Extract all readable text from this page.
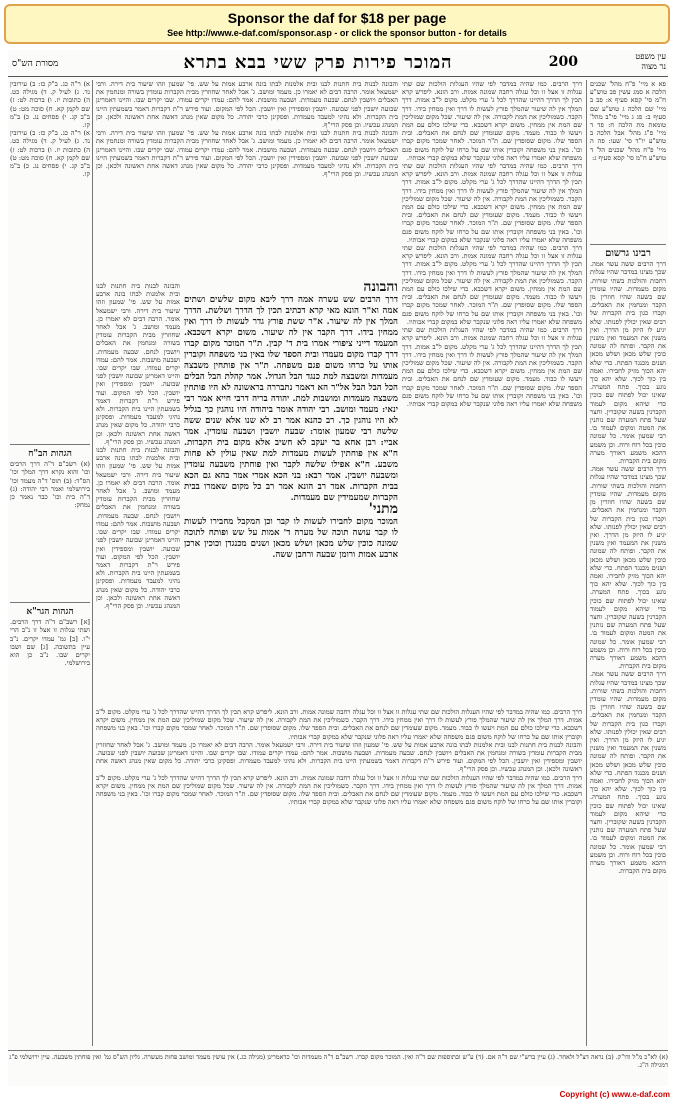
Sponsor the daf for $18 per page
See http://www.e-daf.com/sponsor.asp - or click the sponsor button - for details
200
המוכר פירות פרק ששי בבא בתרא
מסורת הש"ס
עין משפט
נר מצוה

פא א מיי' פ"ח מהל' שכנים הלכה א סמג עשין פב טוש"ע ח"מ סי' קסא סעיף א: פב ב מיי' שם הלכה ג טוש"ע שם סעיף ב: פג ג מיי' פי"ב מהל' טומאת מת הלכה ח: פד ד מיי' פ"ג מהל' אבל הלכה ב טוש"ע יו"ד סי' שעו: פה ה מיי' פ"ח מהל' שכנים הל' ד טוש"ע ח"מ סי' קסא סעיף ג:

רבינו גרשום

דרך הרבים ששה עשר אמה. שכך מצינו במדבר שהיו עגלות רחבות והולכות בשתי שורות. מקום מעמדות. שהיו עומדין שם בשעה שהיו חוזרין מן הקבר ומנחמין את האבלים. וקברו כגון בית הקברות של רבים שאין יכולין לפנותו. שלא יגיע לו היזק מן הדרך. ואין משנין את המעמד ואין משנין את הקבר. ופותח לה שמונה כוכין שלש מכאן ושלש מכאן ושנים מכנגד הפתח. כדי שלא יהא הכוך מזיק לחבירו. ואמה בין כוך לכוך. שלא יהא כוך נוגע בכוך. פתח המערה. שאינו יכול לפתוח שם כוכין כדי שיהא מקום לעמוד הקברנין בשעה שקוברין. וחצר שעל פתח המערה שם נותנין את המטה ומקום לעמוד בו. רבי שמעון אומר. כל שמונה כוכין בכל רוח ורוח. וכן משמע דהכא משמע דאורך מערה מקום בית הקברות.

דרך הרבים ששה עשר אמה. שכך מצינו במדבר שהיו עגלות רחבות והולכות בשתי שורות. מקום מעמדות. שהיו עומדין שם בשעה שהיו חוזרין מן הקבר ומנחמין את האבלים. וקברו כגון בית הקברות של רבים שאין יכולין לפנותו. שלא יגיע לו היזק מן הדרך. ואין משנין את המעמד ואין משנין את הקבר. ופותח לה שמונה כוכין שלש מכאן ושלש מכאן ושנים מכנגד הפתח. כדי שלא יהא הכוך מזיק לחבירו. ואמה בין כוך לכוך. שלא יהא כוך נוגע בכוך. פתח המערה. שאינו יכול לפתוח שם כוכין כדי שיהא מקום לעמוד הקברנין בשעה שקוברין. וחצר שעל פתח המערה שם נותנין את המטה ומקום לעמוד בו. רבי שמעון אומר. כל שמונה כוכין בכל רוח ורוח. וכן משמע דהכא משמע דאורך מערה מקום בית הקברות.

דרך הרבים ששה עשר אמה. שכך מצינו במדבר שהיו עגלות רחבות והולכות בשתי שורות. מקום מעמדות. שהיו עומדין שם בשעה שהיו חוזרין מן הקבר ומנחמין את האבלים. וקברו כגון בית הקברות של רבים שאין יכולין לפנותו. שלא יגיע לו היזק מן הדרך. ואין משנין את המעמד ואין משנין את הקבר. ופותח לה שמונה כוכין שלש מכאן ושלש מכאן ושנים מכנגד הפתח. כדי שלא יהא הכוך מזיק לחבירו. ואמה בין כוך לכוך. שלא יהא כוך נוגע בכוך. פתח המערה. שאינו יכול לפתוח שם כוכין כדי שיהא מקום לעמוד הקברנין בשעה שקוברין. וחצר שעל פתח המערה שם נותנין את המטה ומקום לעמוד בו. רבי שמעון אומר. כל שמונה כוכין בכל רוח ורוח. וכן משמע דהכא משמע דאורך מערה מקום בית הקברות.

דרך הרבים. כמו שהיה במדבר לפי שהיו העגלות הולכות שם שתי עגלות זו אצל זו וכל עגלה רחבה שמונה אמות. ורב הונא. ליפרש קרא תכין לך הדרך דהיינו שהדרך לכל ג' ערי מקלט. מקום ל"ב אמות. דרך המלך אין לה שיעור שהמלך פורץ לעשות לו דרך ואין ממחין בידו. דרך הקבר. כשמוליכין את המת לקבורה. אין לה שיעור. שכל מקום שמוליכין שם המת אין ממחין. משום יקרא דשכבא. כדי שילכו כולם עם המת ויעשו לו כבוד. מעמד. מקום שעומדין שם לנחם את האבלים. ובית הספד שלו. מקום שסופדין שם. ת"ר המוכר. לאחר שמכר מקום קברו וכו'. באין בני משפחה וקוברין אותו שם על כרחו של לוקח משום פגם משפחה שלא יאמרו עליו ראה פלוני שנקבר שלא במקום קברי אבותיו.

דרך הרבים. כמו שהיה במדבר לפי שהיו העגלות הולכות שם שתי עגלות זו אצל זו וכל עגלה רחבה שמונה אמות. ורב הונא. ליפרש קרא תכין לך הדרך דהיינו שהדרך לכל ג' ערי מקלט. מקום ל"ב אמות. דרך המלך אין לה שיעור שהמלך פורץ לעשות לו דרך ואין ממחין בידו. דרך הקבר. כשמוליכין את המת לקבורה. אין לה שיעור. שכל מקום שמוליכין שם המת אין ממחין. משום יקרא דשכבא. כדי שילכו כולם עם המת ויעשו לו כבוד. מעמד. מקום שעומדין שם לנחם את האבלים. ובית הספד שלו. מקום שסופדין שם. ת"ר המוכר. לאחר שמכר מקום קברו וכו'. באין בני משפחה וקוברין אותו שם על כרחו של לוקח משום פגם משפחה שלא יאמרו עליו ראה פלוני שנקבר שלא במקום קברי אבותיו.

דרך הרבים. כמו שהיה במדבר לפי שהיו העגלות הולכות שם שתי עגלות זו אצל זו וכל עגלה רחבה שמונה אמות. ורב הונא. ליפרש קרא תכין לך הדרך דהיינו שהדרך לכל ג' ערי מקלט. מקום ל"ב אמות. דרך המלך אין לה שיעור שהמלך פורץ לעשות לו דרך ואין ממחין בידו. דרך הקבר. כשמוליכין את המת לקבורה. אין לה שיעור. שכל מקום שמוליכין שם המת אין ממחין. משום יקרא דשכבא. כדי שילכו כולם עם המת ויעשו לו כבוד. מעמד. מקום שעומדין שם לנחם את האבלים. ובית הספד שלו. מקום שסופדין שם. ת"ר המוכר. לאחר שמכר מקום קברו וכו'. באין בני משפחה וקוברין אותו שם על כרחו של לוקח משום פגם משפחה שלא יאמרו עליו ראה פלוני שנקבר שלא במקום קברי אבותיו.

דרך הרבים. כמו שהיה במדבר לפי שהיו העגלות הולכות שם שתי עגלות זו אצל זו וכל עגלה רחבה שמונה אמות. ורב הונא. ליפרש קרא תכין לך הדרך דהיינו שהדרך לכל ג' ערי מקלט. מקום ל"ב אמות. דרך המלך אין לה שיעור שהמלך פורץ לעשות לו דרך ואין ממחין בידו. דרך הקבר. כשמוליכין את המת לקבורה. אין לה שיעור. שכל מקום שמוליכין שם המת אין ממחין. משום יקרא דשכבא. כדי שילכו כולם עם המת ויעשו לו כבוד. מעמד. מקום שעומדין שם לנחם את האבלים. ובית הספד שלו. מקום שסופדין שם. ת"ר המוכר. לאחר שמכר מקום קברו וכו'. באין בני משפחה וקוברין אותו שם על כרחו של לוקח משום פגם משפחה שלא יאמרו עליו ראה פלוני שנקבר שלא במקום קברי אבותיו.

והבונה

דרך הרבים שש עשרה אמה דרך ליבא מקום שלשים ושתים אמה וא"ר הונא מאי קרא דכתיב תכין לך הדרך ושלשת. הדרך המלך אין לה שיעור. א"ר ששת פורץ גדר לעשות לו דרך ואין ממחין בידו. דרך הקבר אין לה שיעור. משום יקרא דשכבא. המעמד דייני ציפורי אמרו בית ד' קבין. ת"ר המוכר מקום קברו דרך קברו מקום מעמדו ובית הספד שלו באין בני משפחה וקוברין אותו על כרחו משום פגם משפחה. ת"ר אין פותחין משבצה מעמדות ומשבצה למת כנגד הבל הגדול. אמר קהלת הבל הבלים הכל הבל הבל אל"ר הא דאמר נתבררה בראשונה לא היו פותחין משבצה מעמדות ומושבות למת. יהודה בריה דרבי חייא אמר רבי ינאי: מעמד ומושב. רבי יהודה אומר ביהודה היו נוהגין כך בגליל לא היו נוהגין כך. רב כהנא אמר רב לא שנו אלא שנים ששה שלשה רבי שמעון אומר: שבעה יושבין ושבעה עומדין. אמר אביי: רבן אחא בר יעקב לא חשיב אלא מקום בית הקברות. ח"א אין פוחתין לעשות מעמדות למת שאין עולין לא פחות משבע. ח"א אפילו שלשה לקבר ואין פוחתין משבעה עומדין ומשבעה יושבין. אמר רבא: בני הכא אמרי אמר בהא גם הכא בבית הקברות. אמר רב הונא אמר רב כל מקום שאמרו בבית הקברות שמעמידין שם מעמדות.

מתני'

המוכר מקום לחבירו לעשות לו קבר וכן המקבל מחבירו לעשות לו קבר עושה תוכה של מערה ד' אמות על שש ופותח לתוכה שמונה כוכין שלש מכאן ושלש מכאן ושנים מכנגדן וכוכין ארכן ארבע אמות ורומן שבעה ורחבן ששה.

והבונה לבנות בית חתנות לבנו ובית אלמנות לבתו בונה ארבע אמות על שש. פי' שמעון וזהו שיעור בית דירה. ורבי ישמעאל אומר. הרבה דבים לא יאמרו כן. מעמד ומושב. ג' אבל לאחר שחוזרין מבית הקברות עומדין בשורה ומנחמין את האבלים ויושבין לנחם. שבעה מעמדות. ושבעה מושבות. אמר להם: עמדו יקרים עמודו. שבו יקרים שבו. והיינו דאמרינן שבועה יושבין לפני שבועה. יושבין ומספידין ואין יושבין. הכל לפי המקום. ועוד פירש ר"ת דקברות דאמר בשמעתין היינו בית הקברות. ולא נהיגי למעבד מעמדות. ופסקינן כרבי יהודה. כל מקום שאין מנהג דאשה אחת ראשונה ולכאן. וכן המנהג עכשיו. וכן פסק הרי"ף.

והבונה לבנות בית חתנות לבנו ובית אלמנות לבתו בונה ארבע אמות על שש. פי' שמעון וזהו שיעור בית דירה. ורבי ישמעאל אומר. הרבה דבים לא יאמרו כן. מעמד ומושב. ג' אבל לאחר שחוזרין מבית הקברות עומדין בשורה ומנחמין את האבלים ויושבין לנחם. שבעה מעמדות. ושבעה מושבות. אמר להם: עמדו יקרים עמודו. שבו יקרים שבו. והיינו דאמרינן שבועה יושבין לפני שבועה. יושבין ומספידין ואין יושבין. הכל לפי המקום. ועוד פירש ר"ת דקברות דאמר בשמעתין היינו בית הקברות. ולא נהיגי למעבד מעמדות. ופסקינן כרבי יהודה. כל מקום שאין מנהג דאשה אחת ראשונה ולכאן. וכן המנהג עכשיו. וכן פסק הרי"ף.

והבונה לבנות בית חתנות לבנו ובית אלמנות לבתו בונה ארבע אמות על שש. פי' שמעון וזהו שיעור בית דירה. ורבי ישמעאל אומר. הרבה דבים לא יאמרו כן. מעמד ומושב. ג' אבל לאחר שחוזרין מבית הקברות עומדין בשורה ומנחמין את האבלים ויושבין לנחם. שבעה מעמדות. ושבעה מושבות. אמר להם: עמדו יקרים עמודו. שבו יקרים שבו. והיינו דאמרינן שבועה יושבין לפני שבועה. יושבין ומספידין ואין יושבין. הכל לפי המקום. ועוד פירש ר"ת דקברות דאמר בשמעתין היינו בית הקברות. ולא נהיגי למעבד מעמדות. ופסקינן כרבי יהודה. כל מקום שאין מנהג דאשה אחת ראשונה ולכאן. וכן המנהג עכשיו. וכן פסק הרי"ף.

והבונה לבנות בית חתנות לבנו ובית אלמנות לבתו בונה ארבע אמות על שש. פי' שמעון וזהו שיעור בית דירה. ורבי ישמעאל אומר. הרבה דבים לא יאמרו כן. מעמד ומושב. ג' אבל לאחר שחוזרין מבית הקברות עומדין בשורה ומנחמין את האבלים ויושבין לנחם. שבעה מעמדות. ושבעה מושבות. אמר להם: עמדו יקרים עמודו. שבו יקרים שבו. והיינו דאמרינן שבועה יושבין לפני שבועה. יושבין ומספידין ואין יושבין. הכל לפי המקום. ועוד פירש ר"ת דקברות דאמר בשמעתין היינו בית הקברות. ולא נהיגי למעבד מעמדות. ופסקינן כרבי יהודה. כל מקום שאין מנהג דאשה אחת ראשונה ולכאן. וכן המנהג עכשיו. וכן פסק הרי"ף.

דרך הרבים. כמו שהיה במדבר לפי שהיו העגלות הולכות שם שתי עגלות זו אצל זו וכל עגלה רחבה שמונה אמות. ורב הונא. ליפרש קרא תכין לך הדרך דהיינו שהדרך לכל ג' ערי מקלט. מקום ל"ב אמות. דרך המלך אין לה שיעור שהמלך פורץ לעשות לו דרך ואין ממחין בידו. דרך הקבר. כשמוליכין את המת לקבורה. אין לה שיעור. שכל מקום שמוליכין שם המת אין ממחין. משום יקרא דשכבא. כדי שילכו כולם עם המת ויעשו לו כבוד. מעמד. מקום שעומדין שם לנחם את האבלים. ובית הספד שלו. מקום שסופדין שם. ת"ר המוכר. לאחר שמכר מקום קברו וכו'. באין בני משפחה וקוברין אותו שם על כרחו של לוקח משום פגם משפחה שלא יאמרו עליו ראה פלוני שנקבר שלא במקום קברי אבותיו.

והבונה לבנות בית חתנות לבנו ובית אלמנות לבתו בונה ארבע אמות על שש. פי' שמעון וזהו שיעור בית דירה. ורבי ישמעאל אומר. הרבה דבים לא יאמרו כן. מעמד ומושב. ג' אבל לאחר שחוזרין מבית הקברות עומדין בשורה ומנחמין את האבלים ויושבין לנחם. שבעה מעמדות. ושבעה מושבות. אמר להם: עמדו יקרים עמודו. שבו יקרים שבו. והיינו דאמרינן שבועה יושבין לפני שבועה. יושבין ומספידין ואין יושבין. הכל לפי המקום. ועוד פירש ר"ת דקברות דאמר בשמעתין היינו בית הקברות. ולא נהיגי למעבד מעמדות. ופסקינן כרבי יהודה. כל מקום שאין מנהג דאשה אחת ראשונה ולכאן. וכן המנהג עכשיו. וכן פסק הרי"ף.

דרך הרבים. כמו שהיה במדבר לפי שהיו העגלות הולכות שם שתי עגלות זו אצל זו וכל עגלה רחבה שמונה אמות. ורב הונא. ליפרש קרא תכין לך הדרך דהיינו שהדרך לכל ג' ערי מקלט. מקום ל"ב אמות. דרך המלך אין לה שיעור שהמלך פורץ לעשות לו דרך ואין ממחין בידו. דרך הקבר. כשמוליכין את המת לקבורה. אין לה שיעור. שכל מקום שמוליכין שם המת אין ממחין. משום יקרא דשכבא. כדי שילכו כולם עם המת ויעשו לו כבוד. מעמד. מקום שעומדין שם לנחם את האבלים. ובית הספד שלו. מקום שסופדין שם. ת"ר המוכר. לאחר שמכר מקום קברו וכו'. באין בני משפחה וקוברין אותו שם על כרחו של לוקח משום פגם משפחה שלא יאמרו עליו ראה פלוני שנקבר שלא במקום קברי אבותיו.

א) ר"ה כג. ב"ק כז: ב) עירובין נד. ג) לעיל ק. ד) מגילה כט. ה) כתובות יז. ו) ברכות לט: ז) שם לקמן קא. ח) סוכה מט: ט) ב"ב קג. י) פסחים נג. כ) ב"מ קו.

א) ר"ה כג. ב"ק כז: ב) עירובין נד. ג) לעיל ק. ד) מגילה כט. ה) כתובות יז. ו) ברכות לט: ז) שם לקמן קא. ח) סוכה מט: ט) ב"ב קג. י) פסחים נג. כ) ב"מ קו.

הגהות הב"ח

(א) רשב"ם ד"ה דרך הרבים וכו' והוא נקרא דרך המלך וכו' הס"ד: (ב) תוס' ד"ה מעמד וכו' בירושלמי ואמר רבי יהודה: (ג) ד"ה בית וכו' כבר נאמר כן נמחק:

הגהות הגר"א

[א] רשב"ם ד"ה דרך הרבים. ושתי עגלות זו אצל זו נ"ב הרי י"ו. [ב] גמ' עמדו יקרים. נ"ב עיין בתשובה. [ג] שם ושבו יקרים שבו. נ"ב כן הוא בירושלמי.

(א) לא"כ מ"ל ודו"ק. (ב) נראה דצ"ל ולאחר. (ג) עיין ברש"י שם ד"ה אם. (ד) ע"ש ובתוספות שם ד"ה ואין. המוכר מקום קברו. רשב"ם ד"ה מעמדות וכו' כדאמרינן (מגילה כג.) אין עושין מעמד ומושב פחות מעשרה. גליון הש"ס גמ' ואין פוחתין משבעה. עיין ירושלמי פ"ג דמגילה ה"ג.

Copyright (c) www.e-daf.com
